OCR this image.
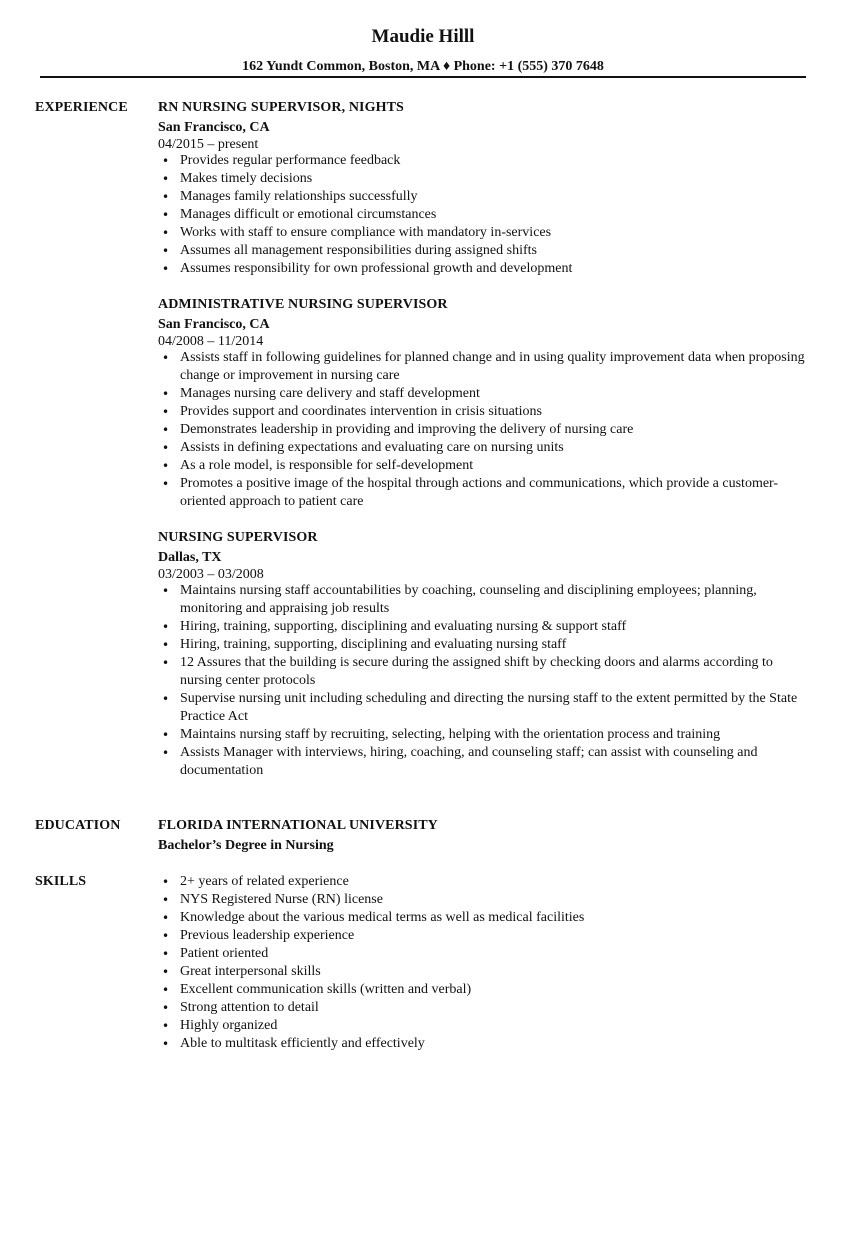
Maudie Hilll
162 Yundt Common, Boston, MA ♦ Phone: +1 (555) 370 7648
EXPERIENCE RN NURSING SUPERVISOR, NIGHTS
San Francisco, CA
04/2015 – present
• Provides regular performance feedback
• Makes timely decisions
• Manages family relationships successfully
• Manages difficult or emotional circumstances
• Works with staff to ensure compliance with mandatory in-services
• Assumes all management responsibilities during assigned shifts
• Assumes responsibility for own professional growth and development
ADMINISTRATIVE NURSING SUPERVISOR
San Francisco, CA
04/2008 – 11/2014
• Assists staff in following guidelines for planned change and in using quality improvement data when proposing change or improvement in nursing care
• Manages nursing care delivery and staff development
• Provides support and coordinates intervention in crisis situations
• Demonstrates leadership in providing and improving the delivery of nursing care
• Assists in defining expectations and evaluating care on nursing units
• As a role model, is responsible for self-development
• Promotes a positive image of the hospital through actions and communications, which provide a customer-oriented approach to patient care
NURSING SUPERVISOR
Dallas, TX
03/2003 – 03/2008
• Maintains nursing staff accountabilities by coaching, counseling and disciplining employees; planning, monitoring and appraising job results
• Hiring, training, supporting, disciplining and evaluating nursing & support staff
• Hiring, training, supporting, disciplining and evaluating nursing staff
• 12 Assures that the building is secure during the assigned shift by checking doors and alarms according to nursing center protocols
• Supervise nursing unit including scheduling and directing the nursing staff to the extent permitted by the State Practice Act
• Maintains nursing staff by recruiting, selecting, helping with the orientation process and training
• Assists Manager with interviews, hiring, coaching, and counseling staff; can assist with counseling and documentation
EDUCATION	FLORIDA INTERNATIONAL UNIVERSITY
Bachelor’s Degree in Nursing
SKILLS
•	2+ years of related experience
• NYS Registered Nurse (RN) license
• Knowledge about the various medical terms as well as medical facilities
• Previous leadership experience
• Patient oriented
• Great interpersonal skills
• Excellent communication skills (written and verbal)
• Strong attention to detail
• Highly organized
• Able to multitask efficiently and effectively
